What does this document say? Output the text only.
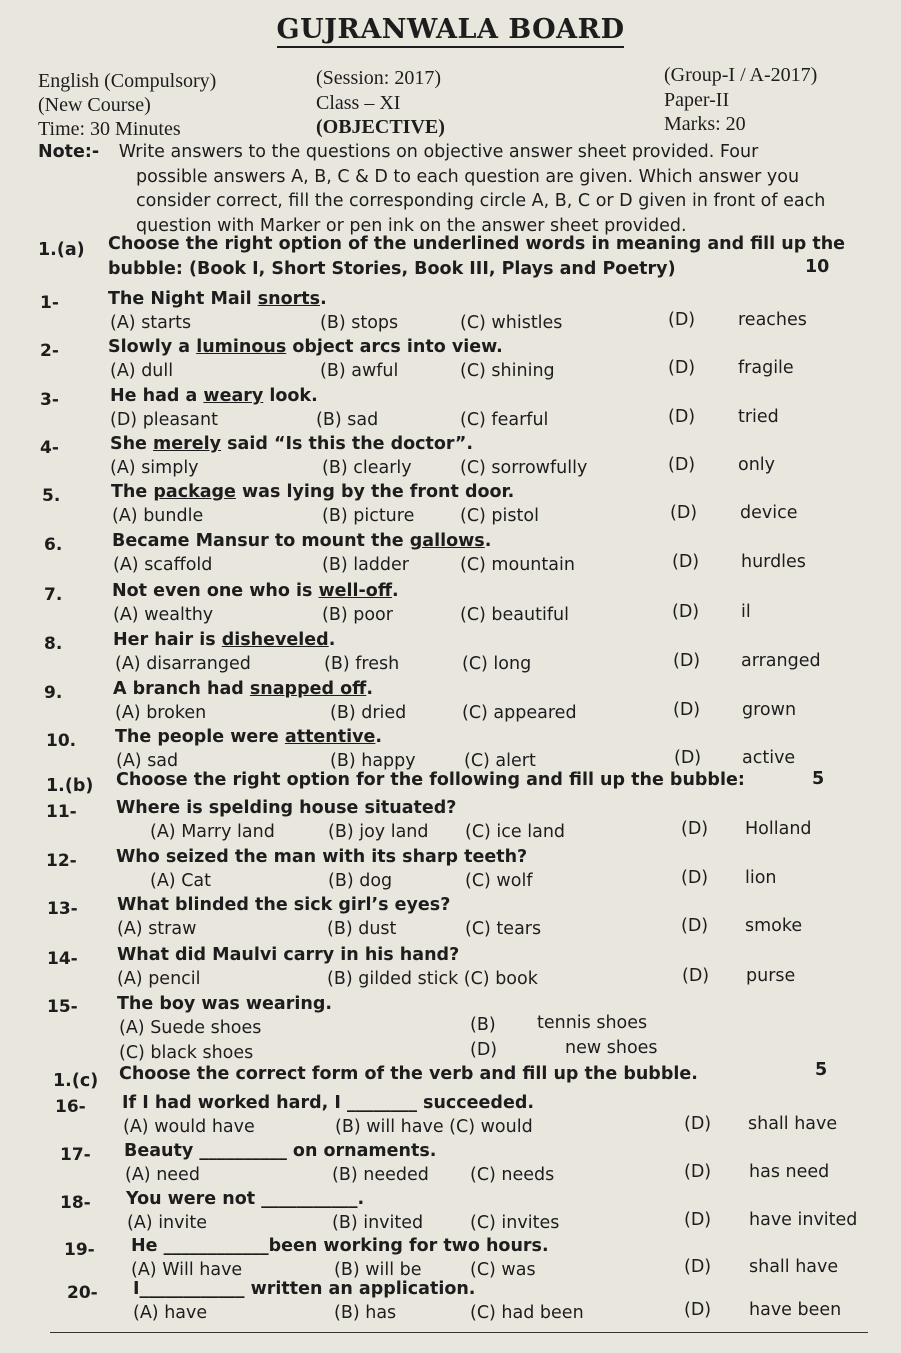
GUJRANWALA BOARD
English (Compulsory)
(New Course)
Time: 30 Minutes
(Session: 2017)
Class – XI
(OBJECTIVE)
(Group-I / A-2017)
Paper-II
Marks: 20
Note:- Write answers to the questions on objective answer sheet provided. Four
possible answers A, B, C & D to each question are given. Which answer you
consider correct, fill the corresponding circle A, B, C or D given in front of each
question with Marker or pen ink on the answer sheet provided.
1.(a) Choose the right option of the underlined words in meaning and fill up the
bubble: (Book I, Short Stories, Book III, Plays and Poetry)	10
1-	The Night Mail snorts.
(A) starts	(B) stops	(C) whistles	(D) reaches
2-	Slowly a luminous object arcs into view.
(A) dull	(B) awful	(C) shining	(D) fragile
3-	He had a weary look.
(D) pleasant	(B) sad	(C) fearful	(D) tried
4-	She merely said “Is this the doctor”.
(A) simply	(B) clearly	(C) sorrowfully	(D) only
5.	The package was lying by the front door.
(A) bundle	(B) picture	(C) pistol	(D) device
6.	Became Mansur to mount the gallows.
(A) scaffold	(B) ladder	(C) mountain	(D) hurdles
7.	Not even one who is well-off.
(A) wealthy	(B) poor	(C) beautiful	(D) il
8.	Her hair is disheveled.
(A) disarranged	(B) fresh	(C) long	(D) arranged
9.	A branch had snapped off.
(A) broken	(B) dried	(C) appeared	(D) grown
10. The people were attentive.
(A) sad	(B) happy	(C) alert	(D) active
11- Where is spelding house situated?
(A) Marry land	(B) joy land (C) ice land	(D) Holland
12- Who seized the man with its sharp teeth?
(A) Cat	(B) dog	(C) wolf	(D) lion
13- What blinded the sick girl’s eyes?
(A) straw	(B) dust	(C) tears	(D) smoke
14- What did Maulvi carry in his hand?
(A) pencil	(B) gilded stick (C) book	(D) purse
16- If I had worked hard, I ________ succeeded.
(A) would have	(B) will have (C) would	(D) shall have
17- Beauty __________ on ornaments.
(A) need	(B) needed (C) needs	(D) has need
18- You were not ___________.
(A) invite	(B) invited	(C) invites	(D) have invited
19- He ____________been working for two hours.
(A) Will have	(B) will be	(C) was	(D) shall have
20- I____________ written an application.
(A) have	(B) has	(C) had been	(D) have been
1.(b) Choose the right option for the following and fill up the bubble:	5
15- The boy was wearing.
(A) Suede shoes	(B) tennis shoes
(C) black shoes	(D)	new shoes
1.(c) Choose the correct form of the verb and fill up the bubble.	5
